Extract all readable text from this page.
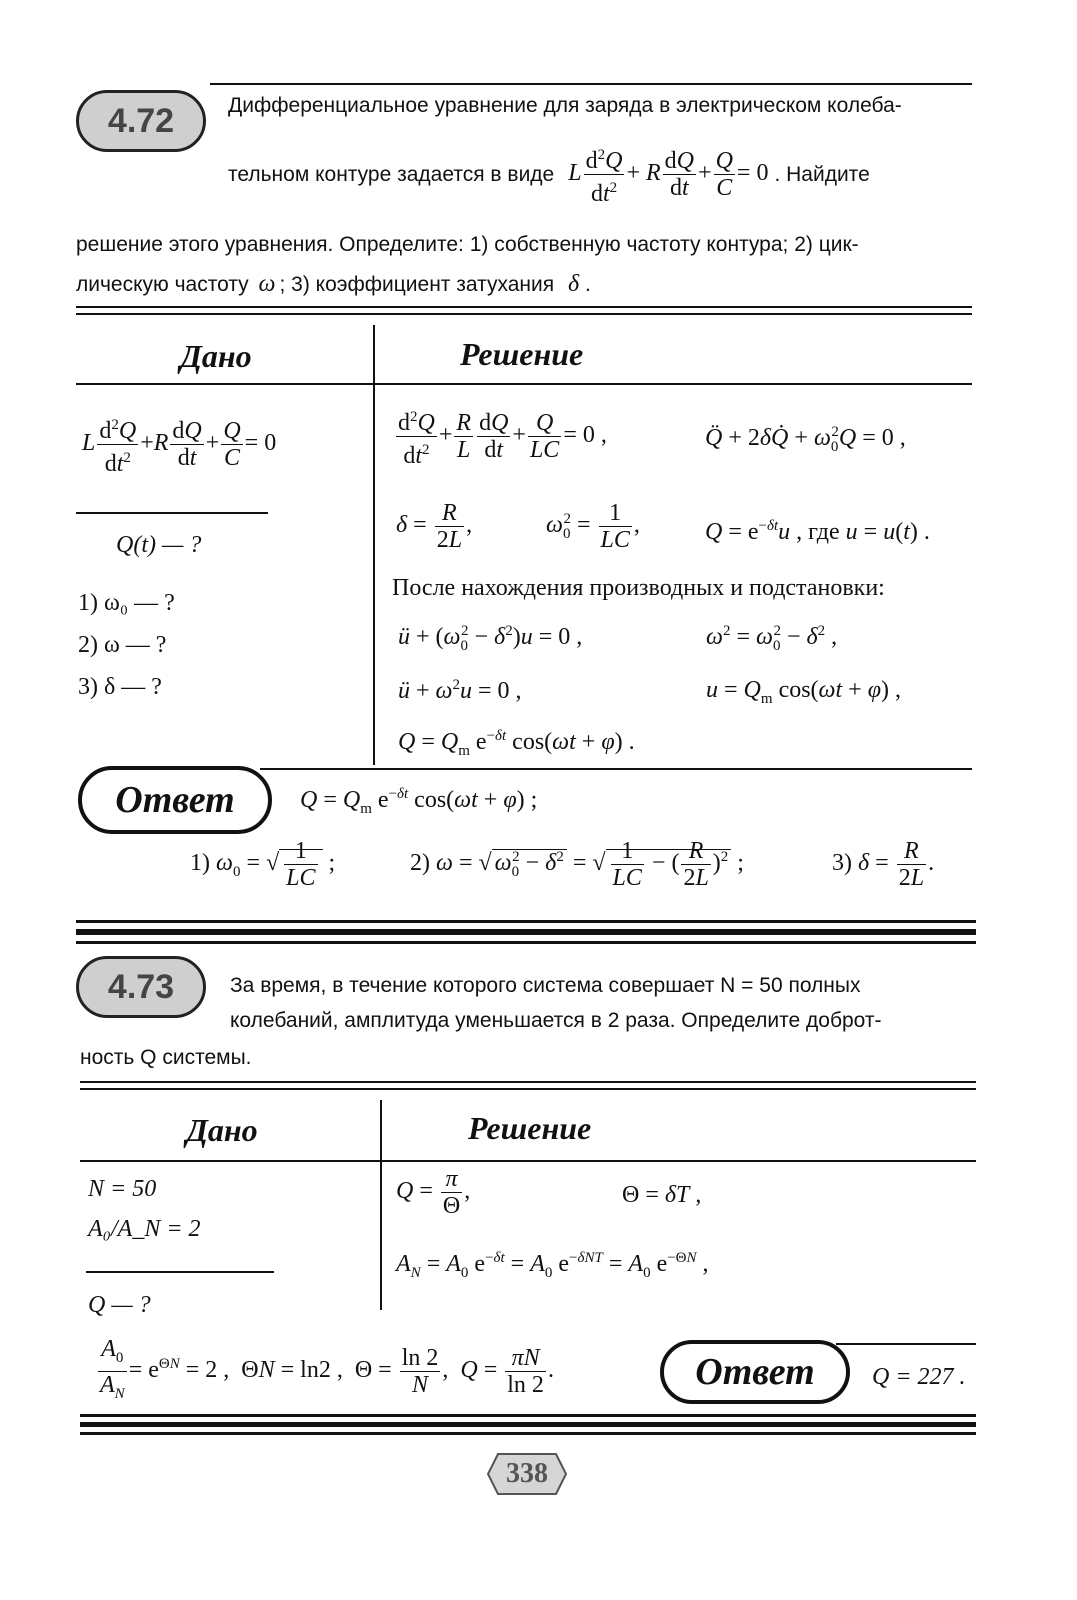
4.72	Дифференциальное уравнение для заряда в электрическом колеба-
тельном контуре задается в виде L $\frac{d^2Q}{dt^2} + R \frac{dQ}{dt} + \frac{Q}{C} = 0$ . Найдите
решение этого уравнения. Определите: 1) собственную частоту контура; 2) цик-
лическую частоту ω ; 3) коэффициент затухания δ .
Дано	Решение
L $\frac{d^2Q}{dt^2} +R \frac{dQ}{dt} + \frac{Q}{C} = 0$
Q(t) — ?
1) ω₀ — ?
2) ω — ?
3) δ — ?
$\frac{d^2Q}{dt^2} + \frac{R}{L} \frac{dQ}{dt} + \frac{Q}{LC} = 0$ ,	Q̈ + 2δQ̇ + $\omega_0^2Q = 0$ ,
$\delta = \frac{R}{2L}$ ,	$\omega_0^2 = \frac{1}{LC}$ ,	$Q = e^{-\delta t}u$ , где u = u(t) .
После нахождения производных и подстановки:
ü + $(\omega_0^2 - \delta^2)u = 0$ ,	$\omega^2 = \omega_0^2 - \delta^2$ ,
ü + $\omega^2u = 0$ ,	$u = Q_m$ cos(ωt + φ) ,
$Q = Q_m$ $e^{-\delta t}$ cos(ωt + φ) .
Ответ	$Q = Q_m$ $e^{-\delta t}$ cos(ωt + φ) ;
1) $\omega_0$ = √ $\frac{1}{LC}$ ;	2) ω = √ $\omega_0^2 - \delta^2$ = √ $\frac{1}{LC}$ − ( $\frac{R}{2L} )^2$ ;	3) $\delta = \frac{R}{2L}$ .
4.73	За время, в течение которого система совершает N = 50 полных
колебаний, амплитуда уменьшается в 2 раза. Определите доброт-
ность Q системы.
Дано	Решение
N = 50
A₀/A_N = 2
Q — ?
$Q = \frac{\pi}{\Theta}$ ,	Θ = δT ,
$A_N = A_0$ $e^{-\delta t} = A_0$ $e^{-\delta NT} = A_0$ $e^{-\Theta N}$ ,
$\frac{A_0}{A_N} = e^{\Theta N} = 2$ ,  ΘN = ln2 ,  $\Theta = \frac{\ln 2}{N}$ ,  $Q = \frac{\pi N}{\ln 2}$ .	Ответ Q = 227 .
338
